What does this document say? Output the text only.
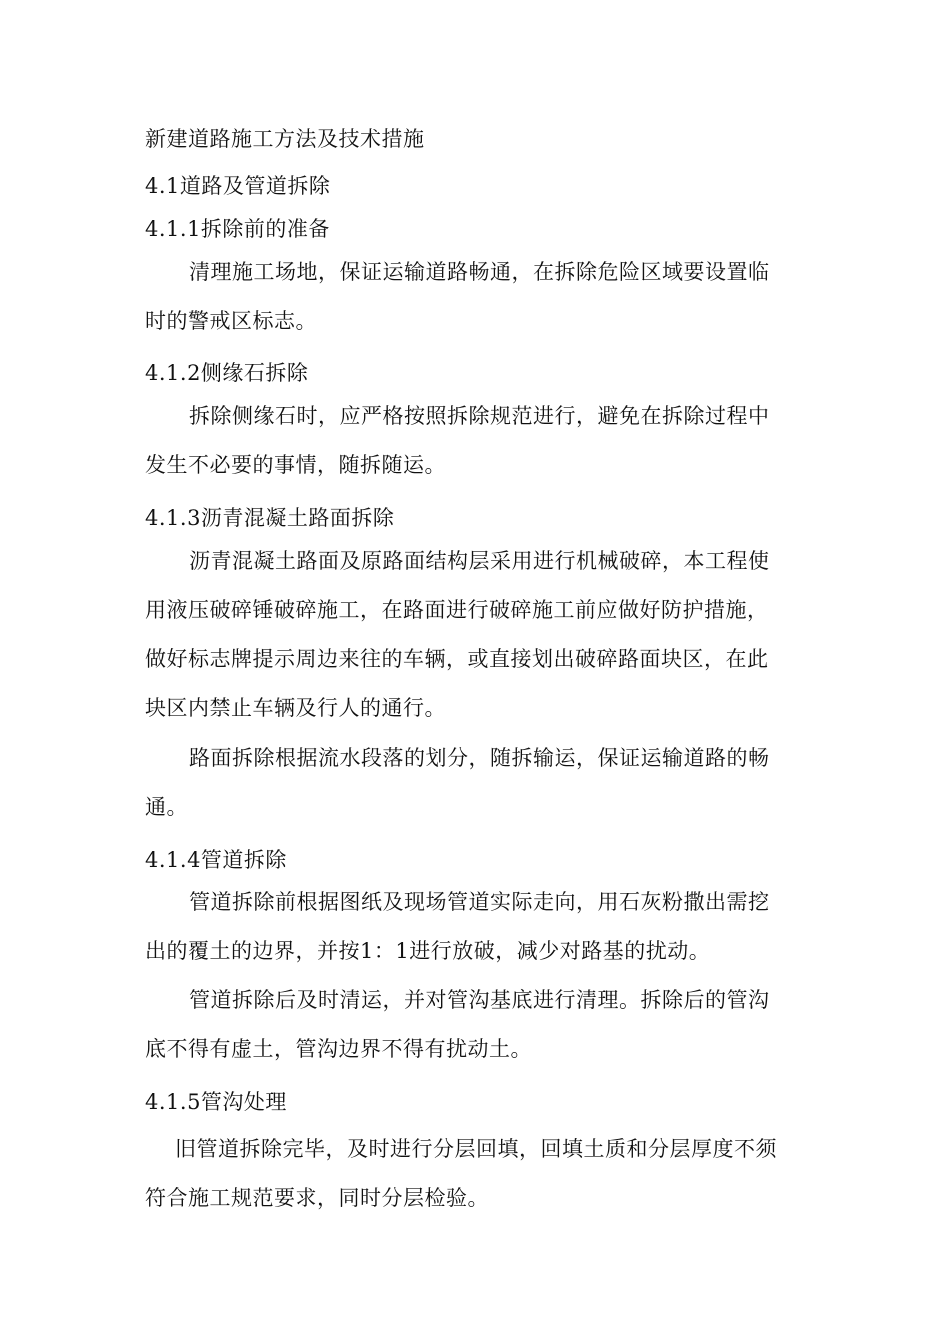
新建道路施工方法及技术措施
4.1道路及管道拆除
4.1.1拆除前的准备
清理施工场地，保证运输道路畅通，在拆除危险区域要设置临
时的警戒区标志。
4.1.2侧缘石拆除
拆除侧缘石时，应严格按照拆除规范进行，避免在拆除过程中
发生不必要的事情，随拆随运。
4.1.3沥青混凝土路面拆除
沥青混凝土路面及原路面结构层采用进行机械破碎，本工程使
用液压破碎锤破碎施工，在路面进行破碎施工前应做好防护措施，
做好标志牌提示周边来往的车辆，或直接划出破碎路面块区，在此
块区内禁止车辆及行人的通行。
路面拆除根据流水段落的划分，随拆输运，保证运输道路的畅
通。
4.1.4管道拆除
管道拆除前根据图纸及现场管道实际走向，用石灰粉撒出需挖
出的覆土的边界，并按1：1进行放破，减少对路基的扰动。
管道拆除后及时清运，并对管沟基底进行清理。拆除后的管沟
底不得有虚土，管沟边界不得有扰动土。
4.1.5管沟处理
旧管道拆除完毕，及时进行分层回填，回填土质和分层厚度不须
符合施工规范要求，同时分层检验。
